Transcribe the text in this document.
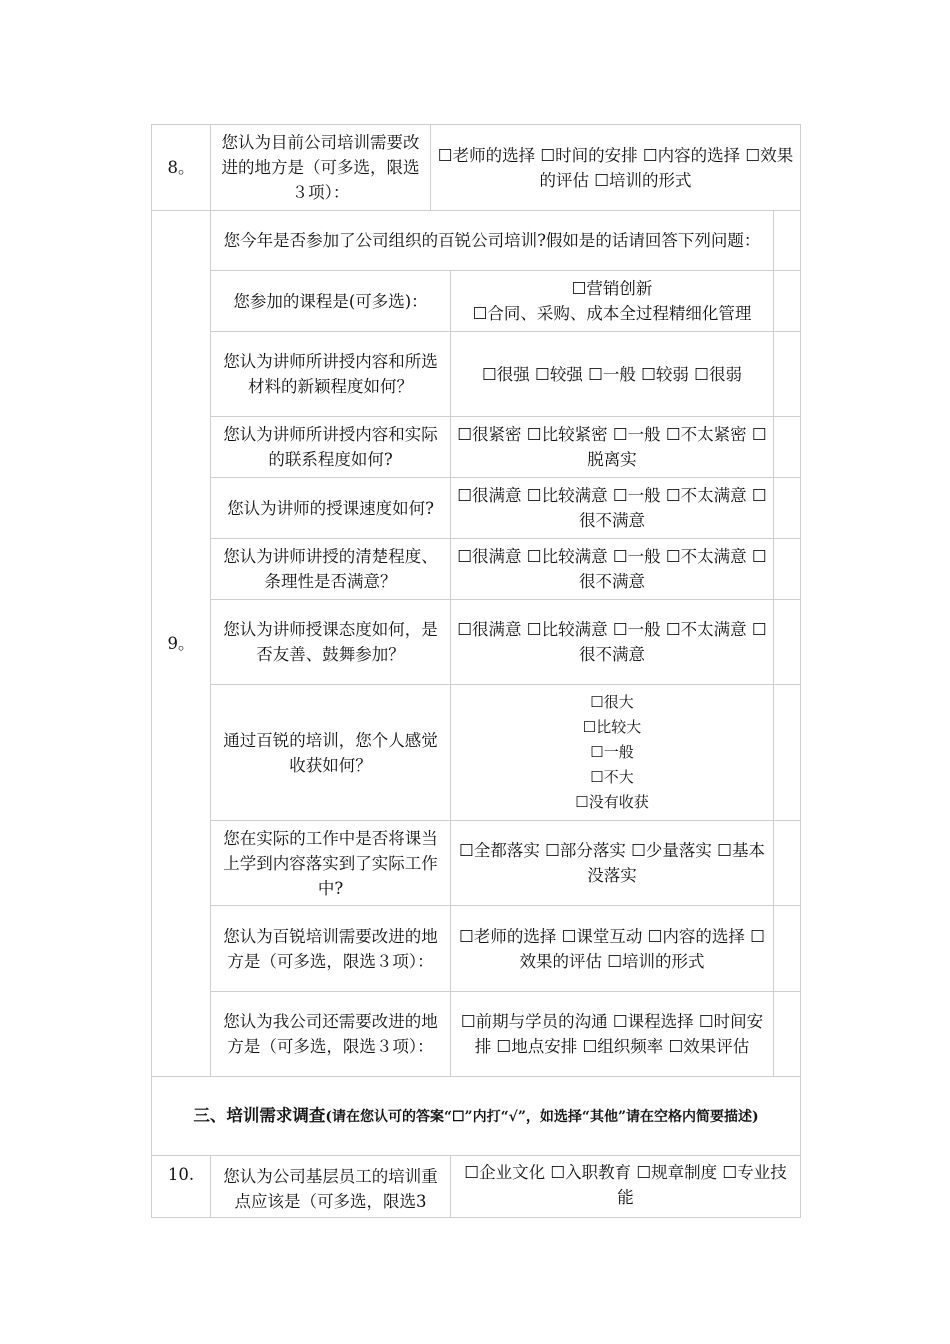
8。	您认为目前公司培训需要改进的地方是（可多选，限选３项）：	☐老师的选择 ☐时间的安排 ☐内容的选择 ☐效果的评估 ☐培训的形式		
9。	您今年是否参加了公司组织的百锐公司培训?假如是的话请回答下列问题：			
	您参加的课程是(可多选)：		☐营销创新
☐合同、采购、成本全过程精细化管理	

	您认为讲师所讲授内容和所选材料的新颖程度如何？		☐很强 ☐较强 ☐一般 ☐较弱 ☐很弱	
	您认为讲师所讲授内容和实际的联系程度如何?		☐很紧密 ☐比较紧密 ☐一般 ☐不太紧密 ☐脱离实	
	您认为讲师的授课速度如何?		☐很满意 ☐比较满意 ☐一般 ☐不太满意 ☐很不满意	
	您认为讲师讲授的清楚程度、条理性是否满意？		☐很满意 ☐比较满意 ☐一般 ☐不太满意 ☐很不满意	
	您认为讲师授课态度如何，是否友善、鼓舞参加？		☐很满意 ☐比较满意 ☐一般 ☐不太满意 ☐很不满意	
	通过百锐的培训，您个人感觉收获如何？		☐很大
☐比较大
☐一般
☐不大
☐没有收获	

	您在实际的工作中是否将课当上学到内容落实到了实际工作中?		☐全都落实 ☐部分落实 ☐少量落实 ☐基本没落实	
	您认为百锐培训需要改进的地方是（可多选，限选３项）：		☐老师的选择 ☐课堂互动 ☐内容的选择 ☐效果的评估 ☐培训的形式	
	您认为我公司还需要改进的地方是（可多选，限选３项）：		☐前期与学员的沟通 ☐课程选择 ☐时间安排 ☐地点安排 ☐组织频率 ☐效果评估	
三、培训需求调查(请在您认可的答案“☐”内打“√”，如选择“其他”请在空格内简要描述)				
10.	您认为公司基层员工的培训重点应该是（可多选，限选3		☐企业文化 ☐入职教育 ☐规章制度 ☐专业技能	
